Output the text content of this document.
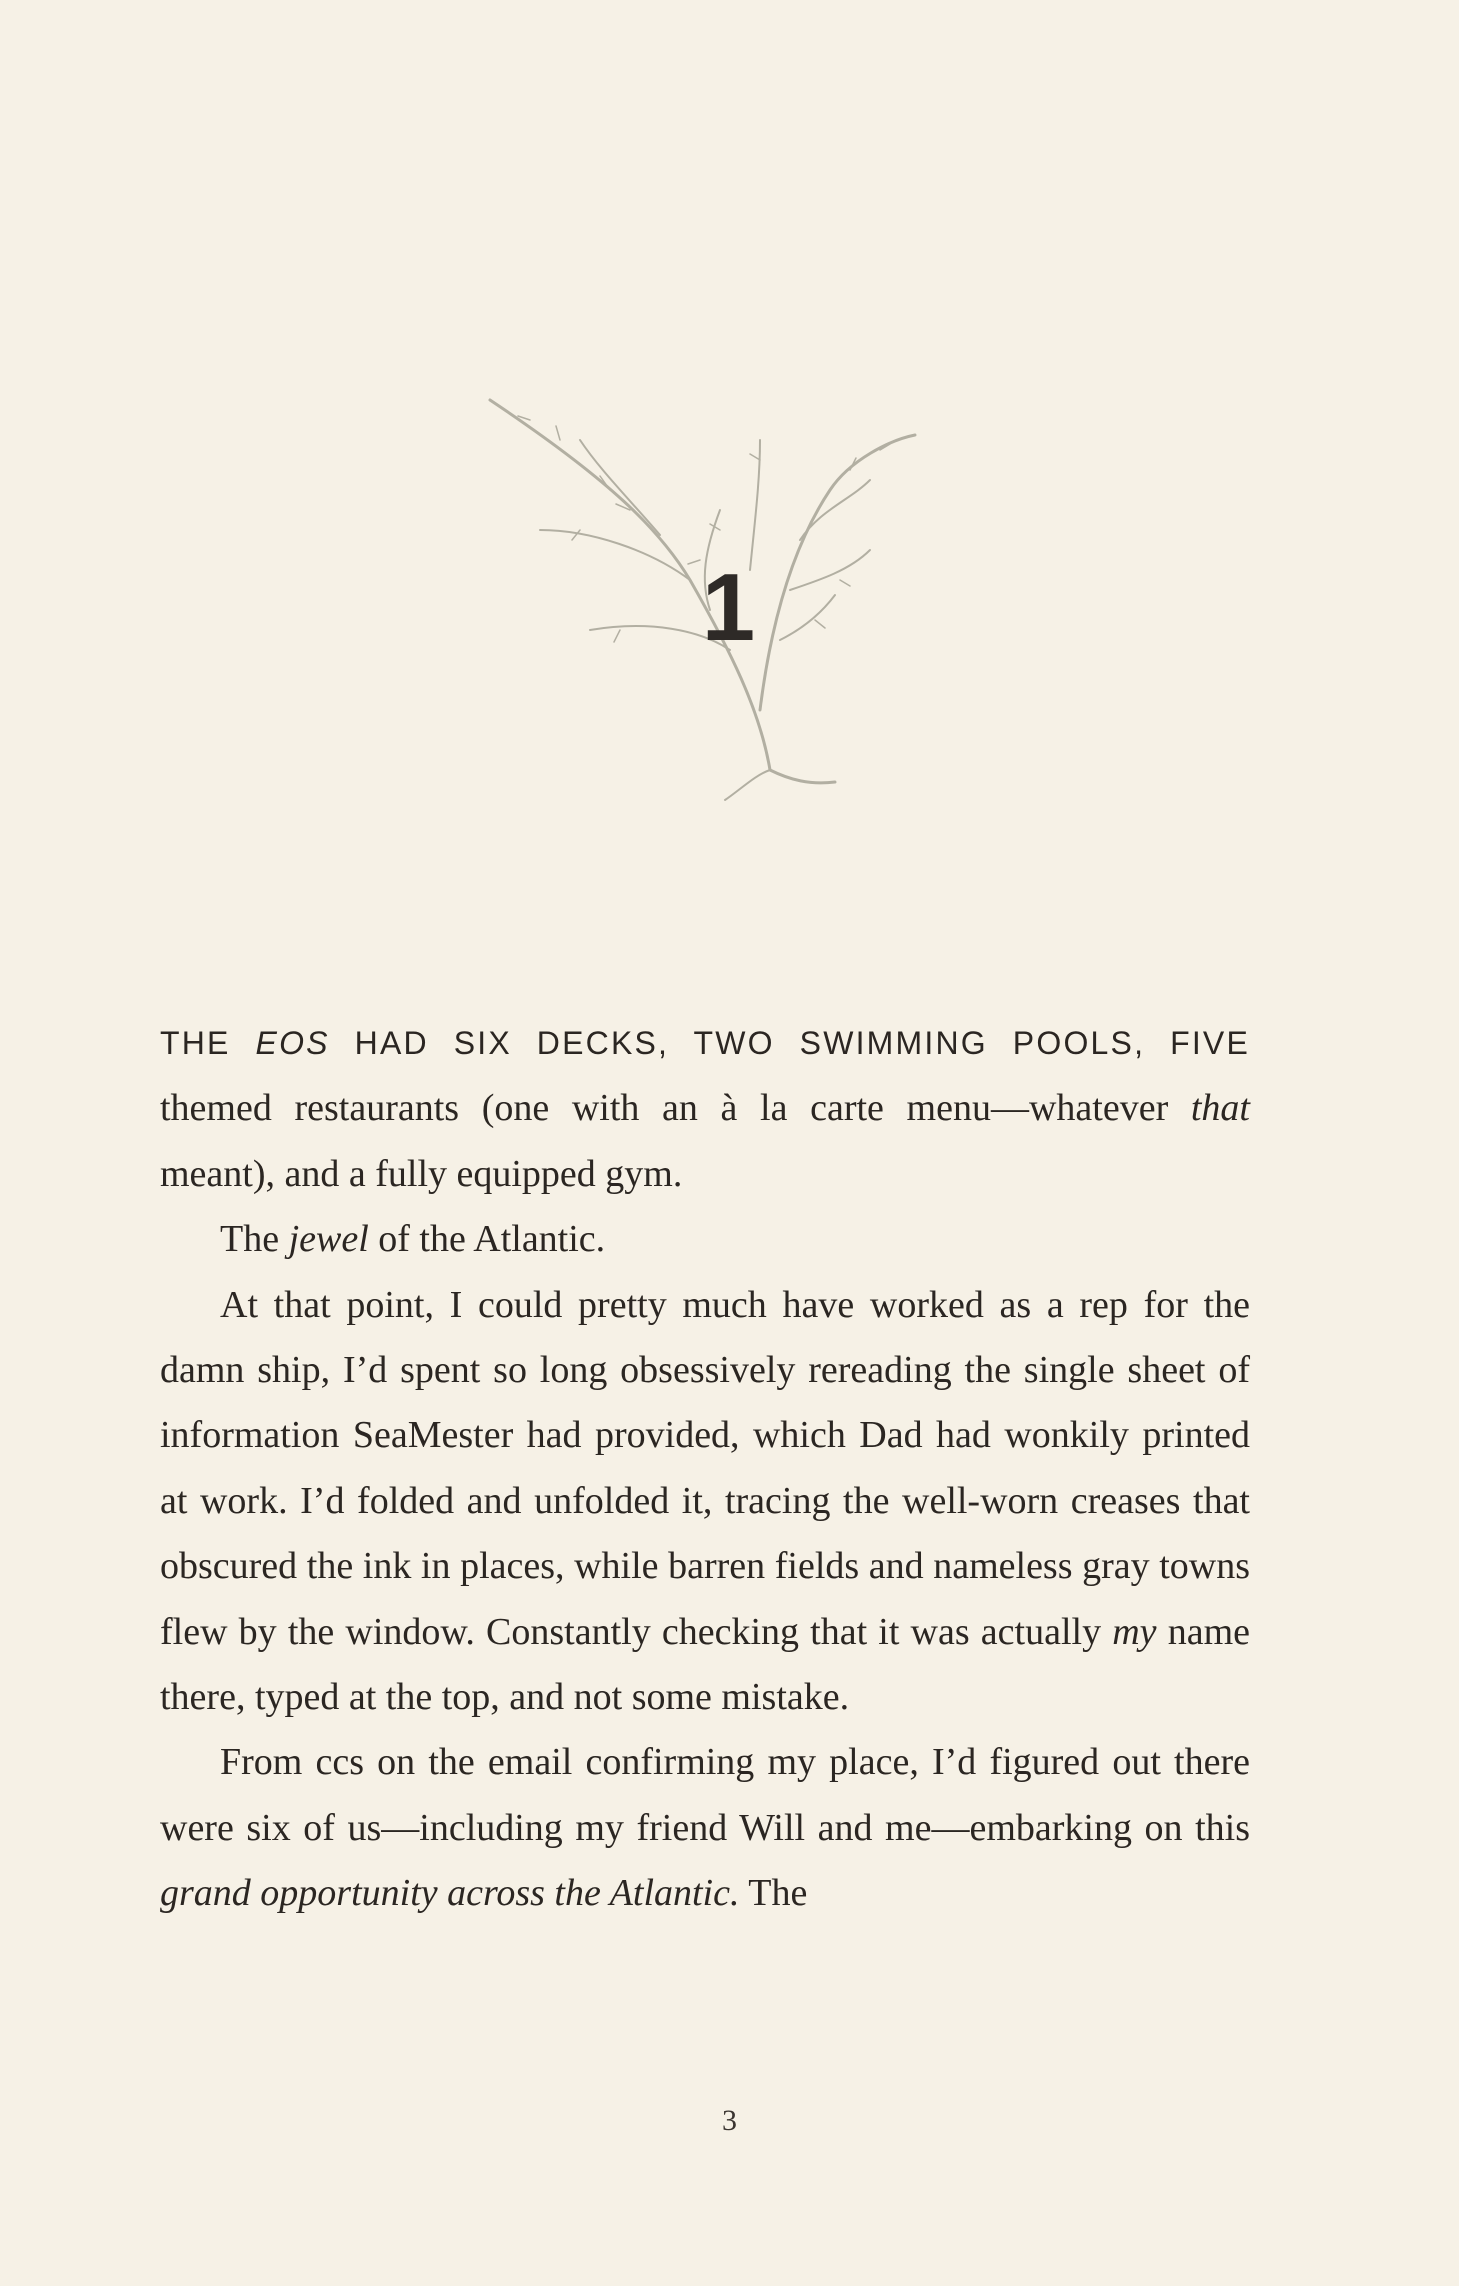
1

THE EOS HAD SIX DECKS, TWO SWIMMING POOLS, FIVE themed restaurants (one with an à la carte menu—whatever that meant), and a fully equipped gym.

The jewel of the Atlantic.

At that point, I could pretty much have worked as a rep for the damn ship, I’d spent so long obsessively rereading the single sheet of information SeaMester had provided, which Dad had wonkily printed at work. I’d folded and unfolded it, tracing the well-worn creases that obscured the ink in places, while barren fields and nameless gray towns flew by the window. Constantly checking that it was actually my name there, typed at the top, and not some mistake.

From ccs on the email confirming my place, I’d figured out there were six of us—including my friend Will and me—embarking on this grand opportunity across the Atlantic. The

3
